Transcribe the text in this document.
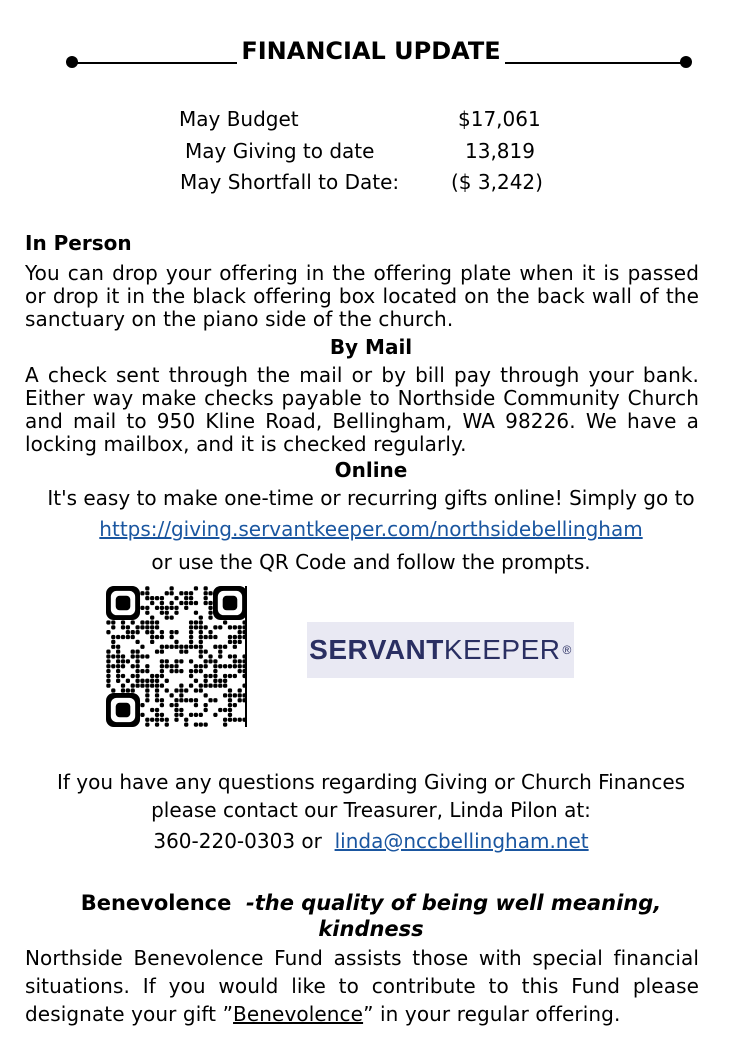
FINANCIAL UPDATE
May Budget	$17,061
May Giving to date	13,819
May Shortfall to Date:	($ 3,242)
In Person
You can drop your offering in the offering plate when it is passed or drop it in the black offering box located on the back wall of the sanctuary on the piano side of the church.
By Mail
A check sent through the mail or by bill pay through your bank. Either way make checks payable to Northside Community Church and mail to 950 Kline Road, Bellingham, WA 98226. We have a locking mailbox, and it is checked regularly.
Online
It's easy to make one-time or recurring gifts online! Simply go to
https://giving.servantkeeper.com/northsidebellingham
or use the QR Code and follow the prompts.
SERVANT KEEPER ®
If you have any questions regarding Giving or Church Finances
please contact our Treasurer, Linda Pilon at:
360-220-0303 or linda@nccbellingham.net
Benevolence -the quality of being well meaning,
kindness
Northside Benevolence Fund assists those with special financial situations. If you would like to contribute to this Fund please designate your gift ”Benevolence” in your regular offering.
